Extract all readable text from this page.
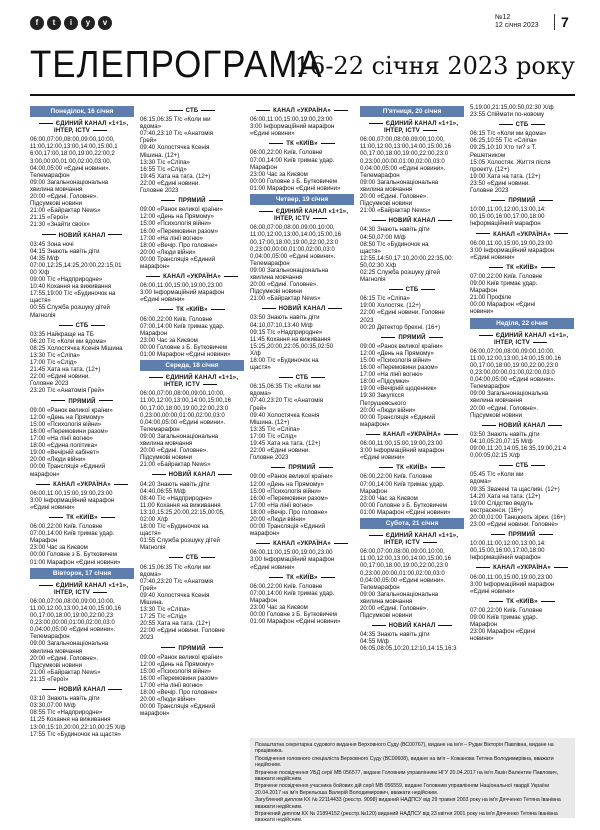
f	t	i	y	v
№12
12 січня 2023 7
ТЕЛЕПРОГРАМА
16-22 січня 2023 року
Понеділок, 16 січня
ЄДИНИЙ КАНАЛ «1+1», ІНТЕР, ICTV
06:00,07:00,08:00,09:00,10:00,
11:00,12:00,13:00,14:00,15:00,1
6:00,17:00,18:00,19:00,22:00,2
3:00,00:00,01:00,02:00,03:00,
04:00,05:00 «Єдині новини».
Телемарафон
09:00 Загальнонаціональна
хвилина мовчання
20:00 «Єдині. Головне».
Підсумкові новини
21:00 «Байрактар News»
21:15 «Герої»
21:30 «Знайти своїх»
НОВИЙ КАНАЛ
03:45 Зона ночі
04:15 Знають навіть діти
04:35 М/ф
07:00,12:25,14:25,20:00,22:15,01
00 Х/ф
09:00 Т/с «Надприродне»
10:40 Кохання на виживання
17:55,19:00 Т/с «Будиночок на
щастя»
00:55 Служба розшуку дітей
Магнолія
СТБ
03:35 Найкраще на ТБ
06:20 Т/с «Коли ми вдома»
08:25 Холостячка Ксенія Мішина
13:30 Т/с «Сліпа»
17:00 Т/с «Слід»
21:45 Хата на тата. (12+)
22:00 «Єдині новини.
Головне 2023
23:20 Т/с «Анатомія Грей»
ПРЯМИЙ
09:00 «Ранок великої країни»
12:00 «День на Прямому»
15:00 «Психологія війни»
16:00 «Перемовини разом»
17:00 «На лінії вогню»
18:00 «Єдина політика»
19:00 «Вечірній кабінет»
20:00 «Люди війни»
00:00 Трансляція «Єдиний
марафон»
КАНАЛ «УКРАЇНА»
06:00,11:00,15:00,19:00,23:00
3:00 Інформаційний марафон
«Єдині новини»
ТК «КИЇВ»
06:00,22:00 Київ. Головне
07:00,14:00 Київ тримає удар.
Марафон
23:00 Час за Києвом
00:00 Головне з Б. Бутковичем
01:00 Марафон «Єдині новини»
Вівторок, 17 січня
ЄДИНИЙ КАНАЛ «1+1», ІНТЕР, ICTV
06:00,07:00,08:00,09:00,10:00,
11:00,12:00,13:00,14:00,15:00,16
00,17:00,18:00,19:00,22:00,23
0,23:00,00:00,01:00,02:00,03:0
0,04:00,05:00 «Єдині новини».
Телемарафон
09:00 Загальнонаціональна
хвилина мовчання
20:00 «Єдині. Головне».
Підсумкові новини
21:00 «Байрактар News»
21:15 «Герої»
НОВИЙ КАНАЛ
03:10 Знають навіть діти
03:30,07:00 М/ф
08:55 Т/с «Надприродне»
11:25 Кохання на виживання
13:00,15:10,20:00,22:10,00:25 Х/ф
17:55 Т/с «Будиночок на щастя»
СТБ
06:15,06:35 Т/с «Коли ми
вдома»
07:40,23:10 Т/с «Анатомія
Грей»
09:40 Холостячка Ксенія
Мішина. (12+)
13:30 Т/с «Сліпа»
16:55 Т/с «Слід»
19:45 Хата на тата. (12+)
22:00 «Єдині новини.
Головне 2023
ПРЯМИЙ
09:00 «Ранок великої країни»
12:00 «День на Прямому»
15:00 «Психологія війни»
16:00 «Перемовини разом»
17:00 «На лінії вогню»
18:00 «Вечір. Про головне»
20:00 «Люди війни»
00:00 Трансляція «Єдиний
марафон»
КАНАЛ «УКРАЇНА»
06:00,11:00,15:00,19:00,23:00
3:00 Інформаційний марафон
«Єдині новини»
ТК «КИЇВ»
06:00,22:00 Київ. Головне
07:00,14:00 Київ тримає удар.
Марафон
23:00 Час за Києвом
00:00 Головне з Б. Бутковичем
01:00 Марафон «Єдині новини»
Середа, 18 січня
ЄДИНИЙ КАНАЛ «1+1», ІНТЕР, ICTV
06:00,07:00,08:00,09:00,10:00,
11:00,12:00,13:00,14:00,15:00,16
00,17:00,18:00,19:00,22:00,23:0
0,23:00,00:00,01:00,02:00,03:0
0,04:00,05:00 «Єдині новини».
Телемарафон
09:00 Загальнонаціональна
хвилина мовчання
20:00 «Єдині. Головне».
Підсумкові новини
21:00 «Байрактар News»
НОВИЙ КАНАЛ
04:20 Знають навіть діти
04:40,06:55 М/ф
08:40 Т/с «Надприродне»
11:00 Кохання на виживання
13:10,15:25,20:00,22:15,00:05,
02:00 Х/ф
18:00 Т/с «Будиночок на
щастя»
01:55 Служба розшуку дітей
Магнолія
СТБ
06:15,06:35 Т/с «Коли ми
вдома»
07:40,23:20 Т/с «Анатомія
Грей»
09:40 Холостячка Ксенія
Мішина.
13:30 Т/с «Сліпа»
17:25 Т/с «Слід»
20:55 Хата на тата. (12+)
22:00 «Єдині новини. Головне
2023
ПРЯМИЙ
09:00 «Ранок великої країни»
12:00 «День на Прямому»
15:00 «Психологія війни»
16:00 «Перемовини разом»
17:00 «На лінії вогню»
18:00 «Вечір. Про головне»
20:00 «Люди війни»
00:00 Трансляція «Єдиний
марафон»
КАНАЛ «УКРАЇНА»
06:00,11:00,15:00,19:00,23:00
3:00 Інформаційний марафон
«Єдині новини»
ТК «КИЇВ»
06:00,22:00 Київ. Головне
07:00,14:00 Київ тримає удар.
Марафон
23:00 Час за Києвом
00:00 Головне з Б. Бутковичем
01:00 Марафон «Єдині новини»
Четвер, 19 січня
ЄДИНИЙ КАНАЛ «1+1», ІНТЕР, ICTV
06:00,07:00,08:00,09:00,10:00,
11:00,12:00,13:00,14:00,15:00,16
00,17:00,18:00,19:00,22:00,23:0
0,23:00,00:00,01:00,02:00,03:0
0,04:00,05:00 «Єдині новини».
Телемарафон
09:00 Загальнонаціональна
хвилина мовчання
20:00 «Єдині. Головне».
Підсумкові новини
21:00 «Байрактар News»
НОВИЙ КАНАЛ
03:50 Знають навіть діти
04:10,07:10,13:40 М/ф
09:15 Т/с «Надприродне»
11:45 Кохання на виживання
15:25,20:00,22:05,00:35,02:50
Х/ф
18:00 Т/с «Будиночок на
щастя»
СТБ
06:15,06:35 Т/с «Коли ми
вдома»
07:40,23:20 Т/с «Анатомія
Грей»
09:40 Холостячка Ксенія
Мішина. (12+)
13:35 Т/с «Сліпа»
17:00 Т/с «Слід»
19:45 Хата на тата. (12+)
22:00 «Єдині новини.
Головне 2023
ПРЯМИЙ
09:00 «Ранок великої країни»
12:00 «День на Прямому»
15:00 «Психологія війни»
16:00 «Перемовини разом»
17:00 «На лінії вогню»
18:00 «Вечір. Про головне»
20:00 «Люди війни»
00:00 Трансляція «Єдиний
марафон»
КАНАЛ «УКРАЇНА»
06:00,11:00,15:00,19:00,23:00
3:00 Інформаційний марафон
«Єдині новини»
ТК «КИЇВ»
06:00,22:00 Київ. Головне
07:00,14:00 Київ тримає удар.
Марафон
23:00 Час за Києвом
00:00 Головне з Б. Бутковичем
01:00 Марафон «Єдині новини»
П'ятниця, 20 січня
ЄДИНИЙ КАНАЛ «1+1», ІНТЕР, ICTV
06:00,07:00,08:00,09:00,10:00,
11:00,12:00,13:00,14:00,15:00,16
00,17:00,18:00,19:00,22:00,23:0
0,23:00,00:00,01:00,02:00,03:0
0,04:00,05:00 «Єдині новини».
Телемарафон
09:00 Загальнонаціональна
хвилина мовчання
20:00 «Єдині. Головне».
Підсумкові новини
21:00 «Байрактар News»
НОВИЙ КАНАЛ
04:30 Знають навіть діти
04:50,07:00 М/ф
08:50 Т/с «Будиночок на
щастя»
12:55,14:50,17:10,20:00,22:35,00:
50,02:30 Х/ф
02:25 Служба розшуку дітей
Магнолія
СТБ
06:15 Т/с «Сліпа»
19:00 Холостяк. (12+)
22:00 «Єдині новини. Головне
2023
00:20 Детектор брехні. (16+)
ПРЯМИЙ
09:00 «Ранок великої країни»
12:00 «День на Прямому»
15:00 «Психологія війни»
16:00 «Перемовини разом»
17:00 «На лінії вогню»
18:00 «Підсумки»
19:00 «Вечірній щоденник»
19:30 Закулісся
Петрушевського
20:00 «Люди війни»
00:00 Трансляція «Єдиний
марафон»
КАНАЛ «УКРАЇНА»
06:00,11:00,15:00,19:00,23:00
3:00 Інформаційний марафон
«Єдині новини»
ТК «КИЇВ»
06:00,22:00 Київ. Головне
07:00,14:00 Київ тримає удар.
Марафон
23:00 Час за Києвом
00:00 Головне з Б. Бутковичем
01:00 Марафон «Єдині новини»
Субота, 21 січня
ЄДИНИЙ КАНАЛ «1+1», ІНТЕР, ICTV
06:00,07:00,08:00,09:00,10:00,
11:00,12:00,13:00,14:00,15:00,16
00,17:00,18:00,19:00,22:00,23:0
0,23:00,00:00,01:00,02:00,03:0
0,04:00,05:00 «Єдині новини».
Телемарафон
09:00 Загальнонаціональна
хвилина мовчання
20:00 «Єдині. Головне».
Підсумкові новини
НОВИЙ КАНАЛ
04:35 Знають навіть діти
04:55 М/ф
06:05,08:05,10:20,12:10,14:15,16:3
5,19:00,21:15,00:50,02:30 Х/ф
23:55 Спіймати по-новому
СТБ
06:15 Т/с «Коли ми вдома»
06:25,10:55 Т/с «Сліпа»
09:25,10:10 Хто ти? з Т.
Решетником
15:05 Холостяк. Життя після
проекту. (12+)
19:00 Хата на тата. (12+)
23:50 «Єдині новини.
Головне 2023
ПРЯМИЙ
10:00,11:00,12:00,13:00,14:
00,15:00,16:00,17:00,18:00
Інформаційний марафон
КАНАЛ «УКРАЇНА»
06:00,11:00,15:00,19:00,23:00
3:00 Інформаційний марафон
«Єдині новини»
ТК «КИЇВ»
07:00,22:00 Київ. Головне
09:00 Київ тримає удар.
Марафон
21:00 Профіле
00:00 Марафон «Єдині
новини»
Неділя, 22 січня
ЄДИНИЙ КАНАЛ «1+1», ІНТЕР, ICTV
06:00,07:00,08:00,09:00,10:00,
11:00,12:00,13:00,14:00,15:00,16
00,17:00,18:00,19:00,22:00,23:0
0,23:00,00:00,01:00,02:00,03:0
0,04:00,05:00 «Єдині новини».
Телемарафон
09:00 Загальнонаціональна
хвилина мовчання
20:00 «Єдині. Головне».
Підсумкові новини
НОВИЙ КАНАЛ
03:50 Знають навіть діти
04:10,05:20,07:15 М/ф
09:00,11:20,14:05,16:35,19:00,21:4
0,00:05,02:15 Х/ф
СТБ
05:45 Т/с «Коли ми
вдома»
09:35 Зважені та щасливі. (12+)
14:20 Хата на тата. (12+)
19:00 Слідство ведуть
екстрасенси. (16+)
20:00,01:00 Танцюють зірки. (16+)
23:00 «Єдині новини. Головне»
ПРЯМИЙ
10:00,11:00,12:00,13:00,14:
00,15:00,16:00,17:00,18:00
Інформаційний марафон
КАНАЛ «УКРАЇНА»
06:00,11:00,15:00,19:00,23:00
3:00 Інформаційний марафон
«Єдині новини»
ТК «КИЇВ»
07:00,22:00 Київ. Головне
09:00 Київ тримає удар.
Марафон
23:00 Марафон «Єдині
новини»

Позаштатна секретарка судового видання Верховного Суду (ВС00767), видане на ім'я – Рудик Вікторія Павлівна, видане на працівника.

Посвідчення головного спеціаліста Верховного Суду (ВС00608), видане на ім'я – Кожанова Тетяна Володимирівна, вважати недійсним.

Втрачене посвідчення УБД серії МВ 056577, видане Головним управлінням НГУ 20.04.2017 на ім'я Лазін Валентин Павлович, вважати недійсним.

Втрачене посвідчення учасника бойових дій серії МВ 056559, видане Головним управлінням Національної гвардії України 20.04.2017 на ім'я Верельоша Валерій Володимирович, вважати недійсним.

Загублений диплом КХ № 22114433 (реєстр. 9098) виданий НАДПСУ від 29 травня 2003 року на ім'я Дячченко Тетяна Іванівна вважати недійсним.

Втрачений диплом КХ № 21894152 (реєстр.№120) виданий НАДПСУ від 23 квітня 2001 року на ім'я Дячченко Тетяна Іванівна вважати недійсним.
